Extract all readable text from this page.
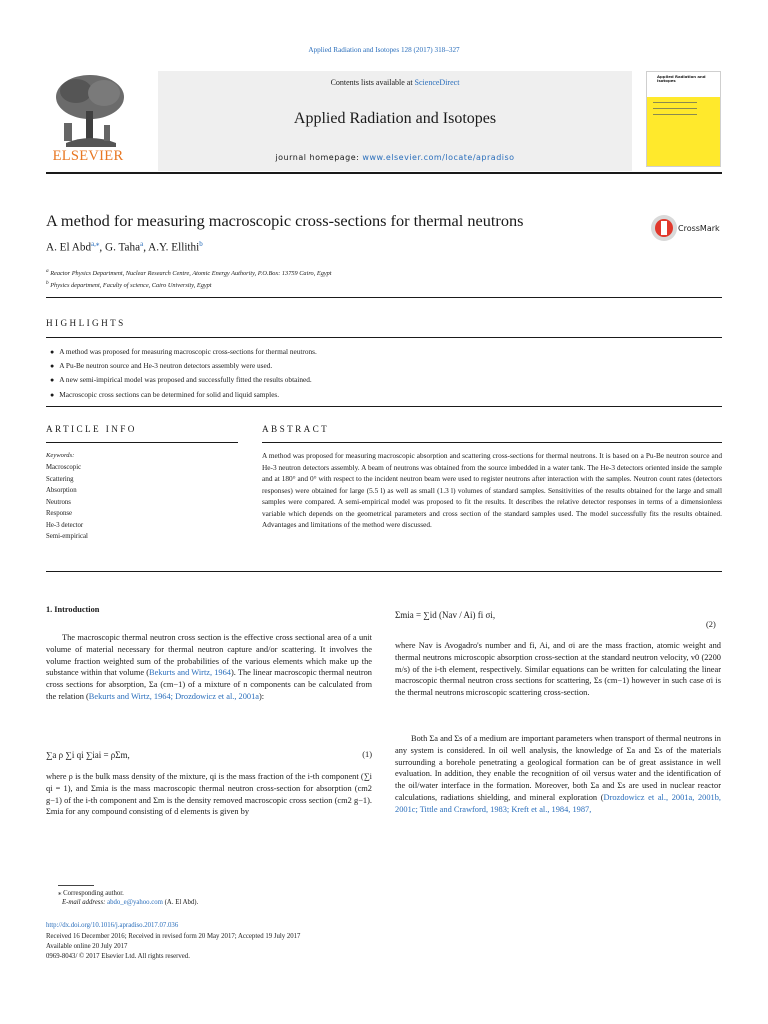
Applied Radiation and Isotopes 128 (2017) 318–327
Contents lists available at ScienceDirect
Applied Radiation and Isotopes
journal homepage: www.elsevier.com/locate/apradiso
ELSEVIER
Applied Radiation and Isotopes
A method for measuring macroscopic cross-sections for thermal neutrons
A. El Abd$^{a,⁎}$, G. Taha$^a$, A.Y. Ellithi$^b$
$^a$ Reactor Physics Department, Nuclear Research Centre, Atomic Energy Authority, P.O.Box: 13759 Cairo, Egypt
$^b$ Physics department, Faculty of science, Cairo University, Egypt
CrossMark
HIGHLIGHTS
● A method was proposed for measuring macroscopic cross-sections for thermal neutrons.
● A Pu-Be neutron source and He-3 neutron detectors assembly were used.
● A new semi-impirical model was proposed and successfully fitted the results obtained.
● Macroscopic cross sections can be determined for solid and liquid samples.
ARTICLE INFO	ABSTRACT
Keywords:
Macroscopic
Scattering
Absorption
Neutrons
Response
He-3 detector
Semi-empirical
A method was proposed for measuring macroscopic absorption and scattering cross-sections for thermal neutrons. It is based on a Pu-Be neutron source and He-3 neutron detectors assembly. A beam of neutrons was obtained from the source imbedded in a water tank. The He-3 detectors oriented inside the sample and at 180° and 0° with respect to the incident neutron beam were used to register neutrons after interaction with the samples. Neutron count rates (detectors responses) were obtained for large (5.5 l) as well as small (1.3 l) volumes of standard samples. Sensitivities of the results obtained for the large and small samples were compared. A semi-empirical model was proposed to fit the results. It describes the relative detector responses in terms of a dimensionless variable which depends on the geometrical parameters and cross section of the standard samples used. The model successfully fits the results obtained. Advantages and limitations of the method were discussed.
1. Introduction
The macroscopic thermal neutron cross section is the effective cross sectional area of a unit volume of material necessary for thermal neutron capture and/or scattering. It involves the volume fraction weighted sum of the probabilities of the various elements which make up the substance within that volume (Bekurts and Wirtz, 1964). The linear macroscopic thermal neutron cross sections for absorption, Σa (cm−1) of a mixture of n components can be calculated from the relation (Bekurts and Wirtz, 1964; Drozdowicz et al., 2001a):
∑a ρ ∑i qi ∑iai = ρΣm,	(1)
where ρ is the bulk mass density of the mixture, qi is the mass fraction of the i-th component (∑i qi = 1), and Σmia is the mass macroscopic thermal neutron cross-section for absorption (cm2 g−1) of the i-th component and Σm is the density removed macroscopic cross section (cm2 g−1). Σmia for any compound consisting of d elements is given by
Σmia = ∑id (Nav / Ai) fi σi,
(2)
where Nav is Avogadro's number and fi, Ai, and σi are the mass fraction, atomic weight and thermal neutrons microscopic absorption cross-section at the standard neutron velocity, v0 (2200 m/s) of the i-th element, respectively. Similar equations can be written for calculating the linear macroscopic thermal neutron cross sections for scattering, Σs (cm−1) however in such case σi is the thermal neutrons microscopic scattering cross-section.
Both Σa and Σs of a medium are important parameters when transport of thermal neutrons in any system is considered. In oil well analysis, the knowledge of Σa and Σs of the materials surrounding a borehole penetrating a geological formation can be of great assistance in well evaluation. In addition, they enable the recognition of oil versus water and the identification of the oil/water interface in the formation. Moreover, both Σa and Σs are used in nuclear reactor calculations, radiations shielding, and mineral exploration (Drozdowicz et al., 2001a, 2001b, 2001c; Tittle and Crawford, 1983; Kreft et al., 1984, 1987,
⁎ Corresponding author.
E-mail address: abdo_e@yahoo.com (A. El Abd).
http://dx.doi.org/10.1016/j.apradiso.2017.07.036
Received 16 December 2016; Received in revised form 20 May 2017; Accepted 19 July 2017
Available online 20 July 2017
0969-8043/ © 2017 Elsevier Ltd. All rights reserved.
